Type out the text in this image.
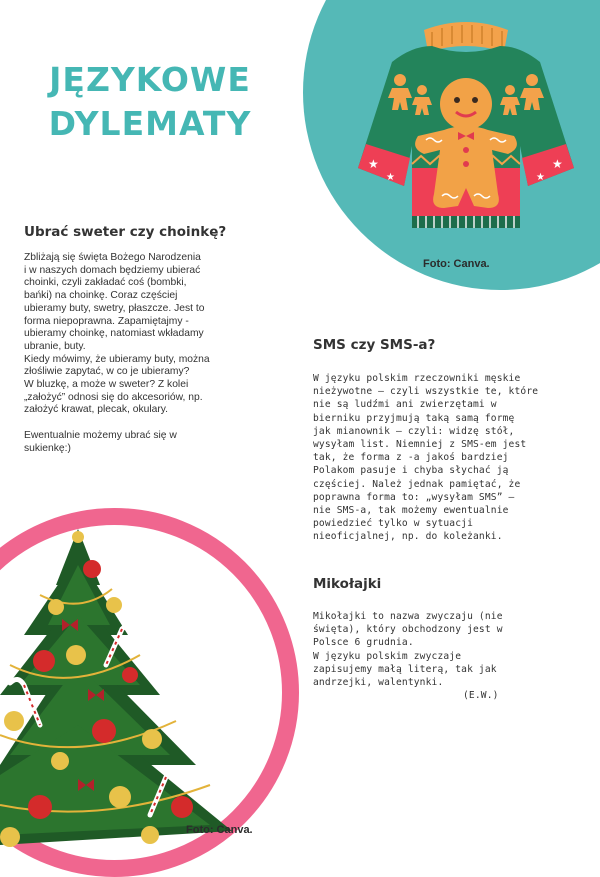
JĘZYKOWE
DYLEMATY
★
★	★
★
Foto: Canva.
Ubrać sweter czy choinkę?

Zbliżają się święta Bożego Narodzenia

i w naszych domach będziemy ubierać

choinki, czyli zakładać coś (bombki,

bańki) na choinkę. Coraz częściej

ubieramy buty, swetry, płaszcze. Jest to

forma niepoprawna. Zapamiętajmy -

ubieramy choinkę, natomiast wkładamy

ubranie, buty.

Kiedy mówimy, że ubieramy buty, można

złośliwie zapytać, w co je ubieramy?

W bluzkę, a może w sweter? Z kolei

„założyć” odnosi się do akcesoriów, np.

założyć krawat, plecak, okulary.

Ewentualnie możemy ubrać się w

sukienkę:)

SMS czy SMS-a?

W języku polskim rzeczowniki męskie

nieżywotne – czyli wszystkie te, które

nie są ludźmi ani zwierzętami w

bierniku przyjmują taką samą formę

jak mianownik – czyli: widzę stół,

wysyłam list. Niemniej z SMS-em jest

tak, że forma z -a jakoś bardziej

Polakom pasuje i chyba słychać ją

częściej. Należ jednak pamiętać, że

poprawna forma to: „wysyłam SMS” –

nie SMS-a, tak możemy ewentualnie

powiedzieć tylko w sytuacji

nieoficjalnej, np. do koleżanki.

Mikołajki

Mikołajki to nazwa zwyczaju (nie

święta), który obchodzony jest w

Polsce 6 grudnia.

W języku polskim zwyczaje

zapisujemy małą literą, tak jak

andrzejki, walentynki.

(E.W.)

Foto: Canva.
